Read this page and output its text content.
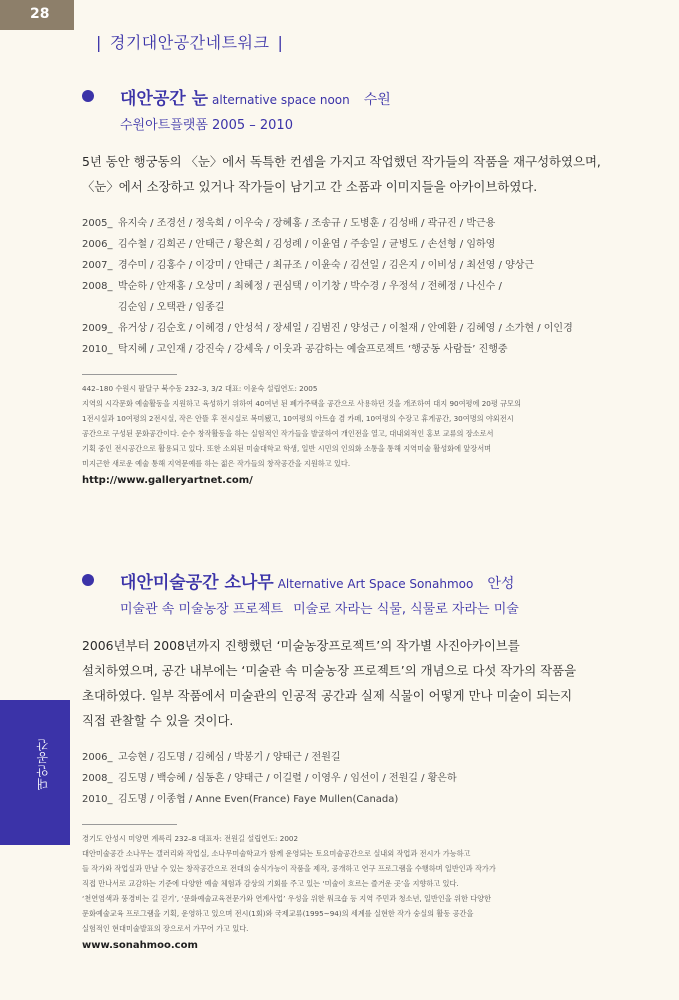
28
| 경기대안공간네트워크 |
대안공간 눈 alternative space noon 수원
수원아트플랫폼 2005 – 2010
5년 동안 행궁동의 〈눈〉에서 독특한 컨셉을 가지고 작업했던 작가들의 작품을 재구성하였으며,
〈눈〉에서 소장하고 있거나 작가들이 남기고 간 소품과 이미지들을 아카이브하였다.
2005_ 유지숙 / 조경선 / 정욱희 / 이우숙 / 장혜홍 / 조송규 / 도병훈 / 김성배 / 곽규진 / 박근용
2006_ 김수철 / 김희곤 / 안태근 / 황은희 / 김성례 / 이윤엽 / 주송일 / 균병도 / 손선형 / 임하영
2007_ 경수미 / 김홍수 / 이강미 / 안태근 / 최규조 / 이윤숙 / 김선일 / 김은지 / 이비성 / 최선영 / 양상근
2008_ 박순하 / 안재홍 / 오상미 / 최혜정 / 권심택 / 이기창 / 박수경 / 우정석 / 전혜정 / 나신수 /
김순임 / 오택관 / 임종길
2009_ 유거상 / 김순호 / 이혜경 / 안성석 / 장세일 / 김범진 / 양성근 / 이철재 / 안예환 / 김혜영 / 소가현 / 이인경
2010_ 탁지혜 / 고인재 / 강진숙 / 강세욱 / 이웃과 공감하는 예술프로젝트 ‘행궁동 사람들’ 진행중
442–180 수원시 팔달구 북수동 232–3, 3/2 대표: 이윤숙 설립연도: 2005
지역의 시각문화 예술활동을 지원하고 육성하기 위하여 40여년 된 폐가주택을 공간으로 사용하던 것을 개조하여 대지 90여평에 20평 규모의
1전시실과 10여평의 2전시실, 작은 안뜰 후 전시실로 복미됐고, 10여평의 아트숍 겸 카페, 10여평의 수장고 휴게공간, 30여명의 야외전시
공간으로 구성된 문화공간이다. 순수 창작활동을 하는 실험적인 작가들을 발굴하여 개인전을 열고, 대내외적인 홍보 교류의 장소로서
기획 중인 전시공간으로 활용되고 있다. 또한 소외된 미술대학교 학생, 일반 시민의 인의화 소통을 통해 지역미술 활성화에 앞장서며
미지근한 새로운 예술 통해 지역문예를 하는 젊은 작가들의 창작공간을 지원하고 있다.
http://www.galleryartnet.com/
대안미술공간 소나무 Alternative Art Space Sonahmoo 안성
미술관 속 미술농장 프로젝트 미술로 자라는 식물, 식물로 자라는 미술
2006년부터 2008년까지 진행했던 ‘미술농장프로젝트’의 작가별 사진아카이브를
설치하였으며, 공간 내부에는 ‘미술관 속 미술농장 프로젝트’의 개념으로 다섯 작가의 작품을
초대하였다. 일부 작품에서 미술관의 인공적 공간과 실제 식물이 어떻게 만나 미술이 되는지
직접 관찰할 수 있을 것이다.
2006_ 고승현 / 김도명 / 김혜심 / 박봉기 / 양태근 / 전원길
2008_ 김도명 / 백승혜 / 심동흔 / 양태근 / 이길렬 / 이영우 / 임선이 / 전원길 / 황은하
2010_ 김도명 / 이종협 / Anne Even(France) Faye Mullen(Canada)
경기도 안성시 미양면 계륵리 232–8 대표자: 전원길 설립연도: 2002
대안미술공간 소나무는 갤러리와 작업실, 소나무미술학교가 함께 운영되는 토요미술공간으로 실내외 작업과 전시가 가능하고
들 작가와 작업실과 만날 수 있는 창작공간으로 전대의 숨식가능이 작품을 제작, 공개하고 연구 프로그램을 수행하며 일반인과 작가가
직접 만나서로 교감하는 기준에 다양한 예술 체험과 감상의 기회를 주고 있는 ‘미술이 흐르는 즐거운 곳’을 지향하고 있다.
‘천연염색과 풍경비는 길 걷기’, ‘문화예술교육전문가와 연계사업’ 우성을 위한 워크숍 등 지역 주민과 청소년, 일반인을 위한 다양한
문화예술교육 프로그램을 기획, 운영하고 있으며 전시(1회)와 국제교류(1995~94)의 세계를 실현한 작가 숭실의 활동 공간을
실험적인 현대미술발표의 장으로서 가꾸어 가고 있다.
www.sonahmoo.com
대안공간
